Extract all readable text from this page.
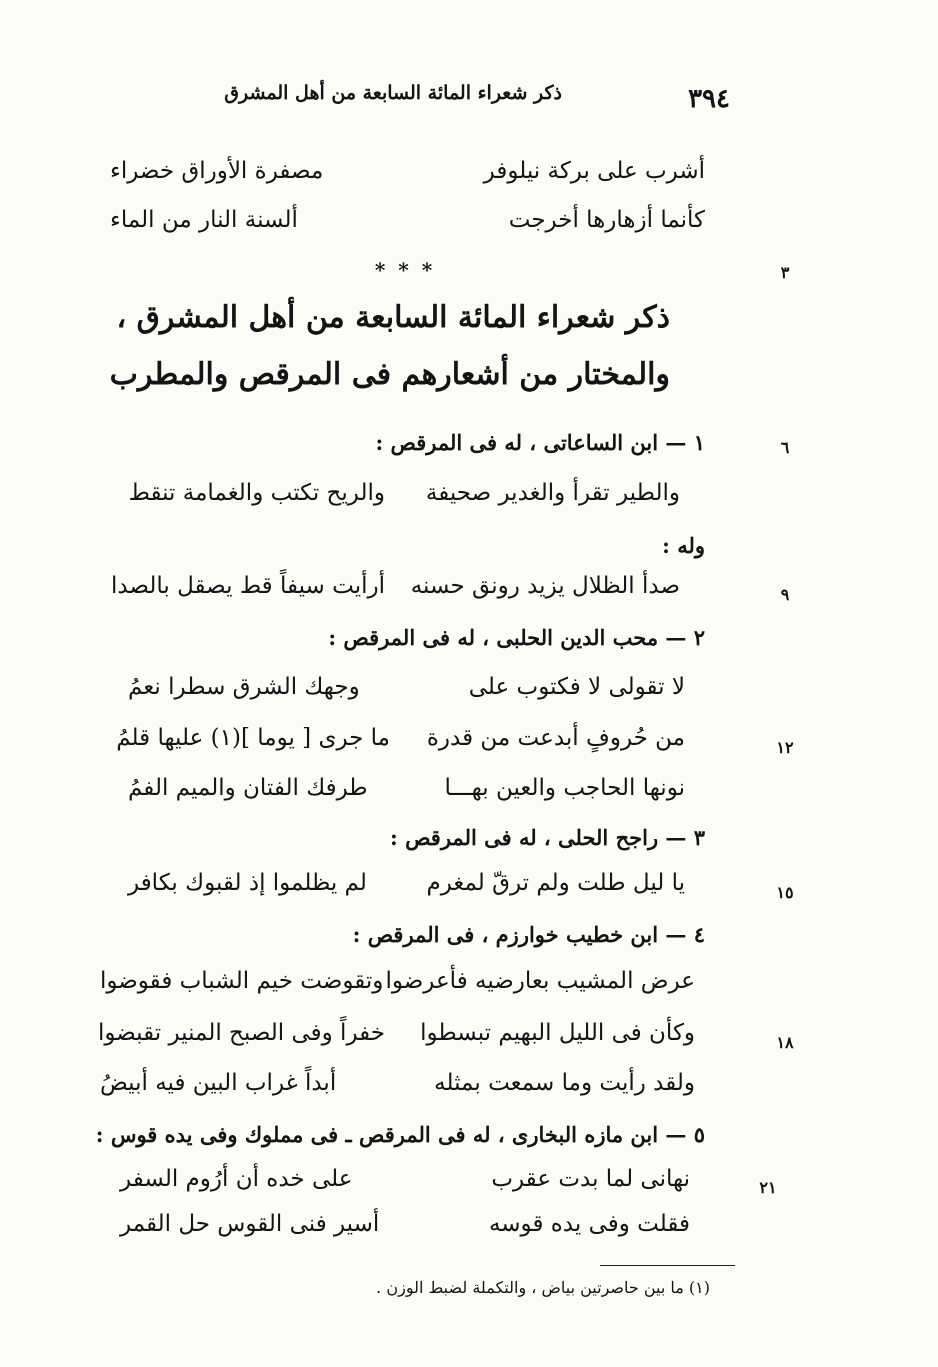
ذكر شعراء المائة السابعة من أهل المشرق	٣٩٤
أشرب على بركة نيلوفر
مصفرة الأوراق خضراء
كأنما أزهارها أخرجت
ألسنة النار من الماء
٣
* * *
ذكر شعراء المائة السابعة من أهل المشرق ،
والمختار من أشعارهم فى المرقص والمطرب
٦
١ — ابن الساعاتى ، له فى المرقص :
والطير تقرأ والغدير صحيفة
والريح تكتب والغمامة تنقط
وله :
٩
صدأ الظلال يزيد رونق حسنه
أرأيت سيفاً قط يصقل بالصدا
٢ — محب الدين الحلبى ، له فى المرقص :
لا تقولى لا فكتوب على
وجهك الشرق سطرا نعمُ
١٢
من حُروفٍ أبدعت من قدرة
ما جرى [ يوما ](١) عليها قلمُ
نونها الحاجب والعين بهـــا
طرفك الفتان والميم الفمُ
٣ — راجح الحلى ، له فى المرقص :
١٥
يا ليل طلت ولم ترقّ لمغرم
لم يظلموا إذ لقبوك بكافر
٤ — ابن خطيب خوارزم ، فى المرقص :
عرض المشيب بعارضيه فأعرضوا
وتقوضت خيم الشباب فقوضوا
١٨
وكأن فى الليل البهيم تبسطوا
خفراً وفى الصبح المنير تقبضوا
ولقد رأيت وما سمعت بمثله
أبداً غراب البين فيه أبيضُ
٥ — ابن مازه البخارى ، له فى المرقص ـ فى مملوك وفى يده قوس :
٢١
نهانى لما بدت عقرب
على خده أن أرُوم السفر
فقلت وفى يده قوسه
أسير فنى القوس حل القمر
(١) ما بين حاصرتين بياض ، والتكملة لضبط الوزن .
